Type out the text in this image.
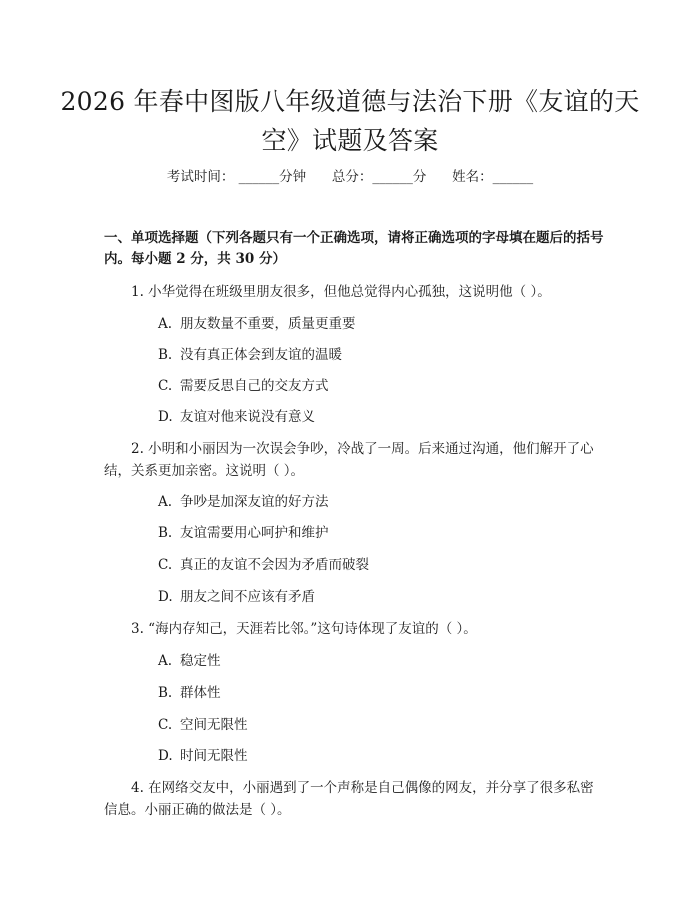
2026 年春中图版八年级道德与法治下册《友谊的天空》试题及答案
考试时间： ______分钟      总分：______分      姓名：______
一、单项选择题（下列各题只有一个正确选项，请将正确选项的字母填在题后的括号内。每小题 2 分，共 30 分）
1. 小华觉得在班级里朋友很多，但他总觉得内心孤独，这说明他（ ）。
A. 朋友数量不重要，质量更重要
B. 没有真正体会到友谊的温暖
C. 需要反思自己的交友方式
D. 友谊对他来说没有意义
2. 小明和小丽因为一次误会争吵，冷战了一周。后来通过沟通，他们解开了心结，关系更加亲密。这说明（ ）。
A. 争吵是加深友谊的好方法
B. 友谊需要用心呵护和维护
C. 真正的友谊不会因为矛盾而破裂
D. 朋友之间不应该有矛盾
3. “海内存知己，天涯若比邻。”这句诗体现了友谊的（ ）。
A. 稳定性
B. 群体性
C. 空间无限性
D. 时间无限性
4. 在网络交友中，小丽遇到了一个声称是自己偶像的网友，并分享了很多私密信息。小丽正确的做法是（ ）。
